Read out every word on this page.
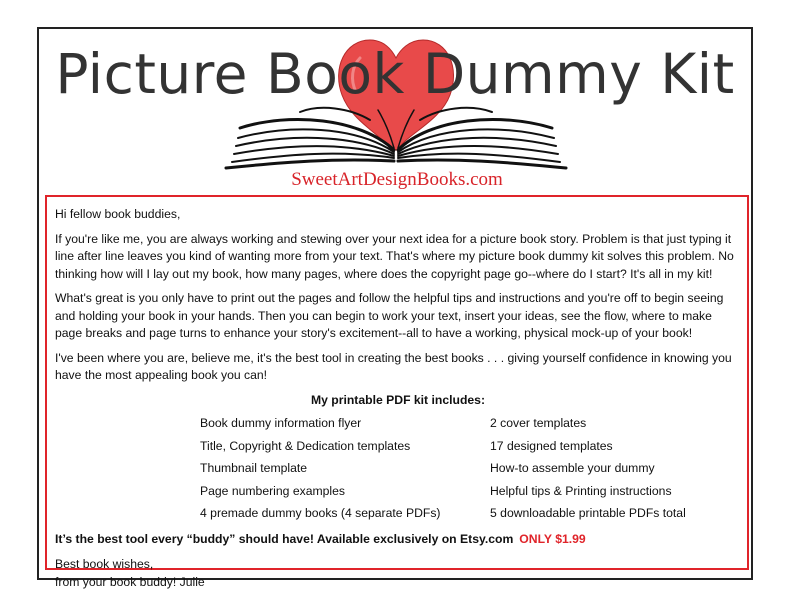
Picture Book Dummy Kit
SweetArtDesignBooks.com

Hi fellow book buddies,

If you're like me, you are always working and stewing over your next idea for a picture book story. Problem is that just typing it line after line leaves you kind of wanting more from your text. That's where my picture book dummy kit solves this problem. No thinking how will I lay out my book, how many pages, where does the copyright page go--where do I start? It's all in my kit!

What's great is you only have to print out the pages and follow the helpful tips and instructions and you're off to begin seeing and holding your book in your hands. Then you can begin to work your text, insert your ideas, see the flow, where to make page breaks and page turns to enhance your story's excitement--all to have a working, physical mock-up of your book!

I've been where you are, believe me, it's the best tool in creating the best books . . . giving yourself confidence in knowing you have the most appealing book you can!

My printable PDF kit includes:
Book dummy information flyer	2 cover templates
Title, Copyright & Dedication templates	17 designed templates
Thumbnail template	How-to assemble your dummy
Page numbering examples	Helpful tips & Printing instructions
4 premade dummy books (4 separate PDFs)	5 downloadable printable PDFs total
It’s the best tool every “buddy” should have! Available exclusively on Etsy.com ONLY $1.99
Best book wishes,
from your book buddy! Julie
